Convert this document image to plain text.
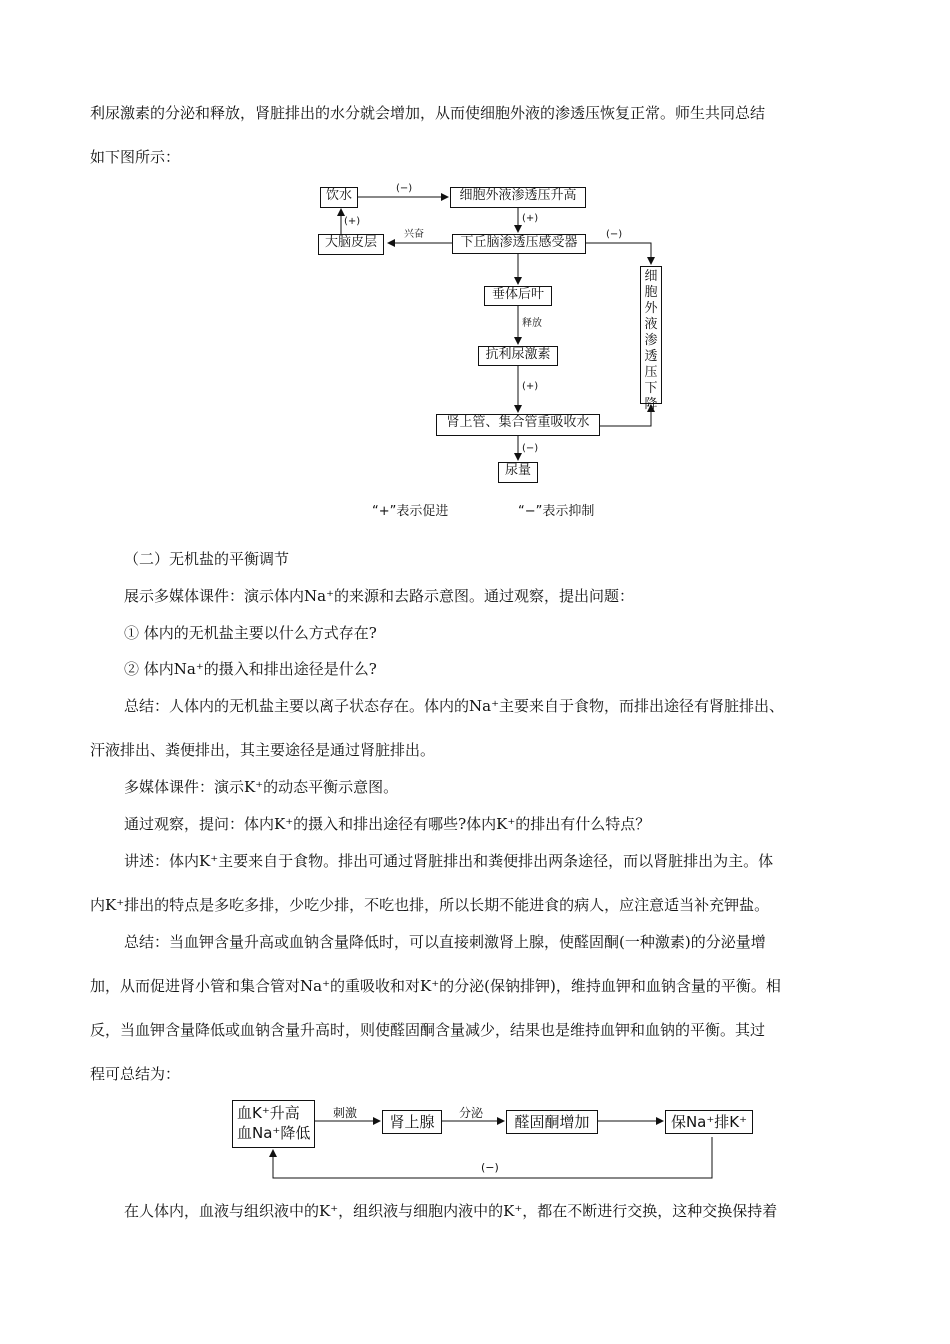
利尿激素的分泌和释放，肾脏排出的水分就会增加，从而使细胞外液的渗透压恢复正常。师生共同总结

如下图所示：

饮水	细胞外液渗透压升高
大脑皮层	下丘脑渗透压感受器
垂体后叶
抗利尿激素
肾上管、集合管重吸收水
尿量
细
胞
外
液
渗
透
压
下
降
(−)
(+)
兴奋
(+)
(−)
释放
(+)
(−)
“+”表示促进	“−”表示抑制

（二）无机盐的平衡调节

展示多媒体课件：演示体内Na⁺的来源和去路示意图。通过观察，提出问题：

① 体内的无机盐主要以什么方式存在?

② 体内Na⁺的摄入和排出途径是什么?

总结：人体内的无机盐主要以离子状态存在。体内的Na⁺主要来自于食物，而排出途径有肾脏排出、

汗液排出、粪便排出，其主要途径是通过肾脏排出。

多媒体课件：演示K⁺的动态平衡示意图。

通过观察，提问：体内K⁺的摄入和排出途径有哪些?体内K⁺的排出有什么特点？

讲述：体内K⁺主要来自于食物。排出可通过肾脏排出和粪便排出两条途径，而以肾脏排出为主。体

内K⁺排出的特点是多吃多排，少吃少排，不吃也排，所以长期不能进食的病人，应注意适当补充钾盐。

总结：当血钾含量升高或血钠含量降低时，可以直接刺激肾上腺，使醛固酮(一种激素)的分泌量增

加，从而促进肾小管和集合管对Na⁺的重吸收和对K⁺的分泌(保钠排钾)，维持血钾和血钠含量的平衡。相

反，当血钾含量降低或血钠含量升高时，则使醛固酮含量减少，结果也是维持血钾和血钠的平衡。其过

程可总结为：

血K⁺升高
血Na⁺降低
刺激	肾上腺	分泌	醛固酮增加	保Na⁺排K⁺
(−)

在人体内，血液与组织液中的K⁺，组织液与细胞内液中的K⁺，都在不断进行交换，这种交换保持着
